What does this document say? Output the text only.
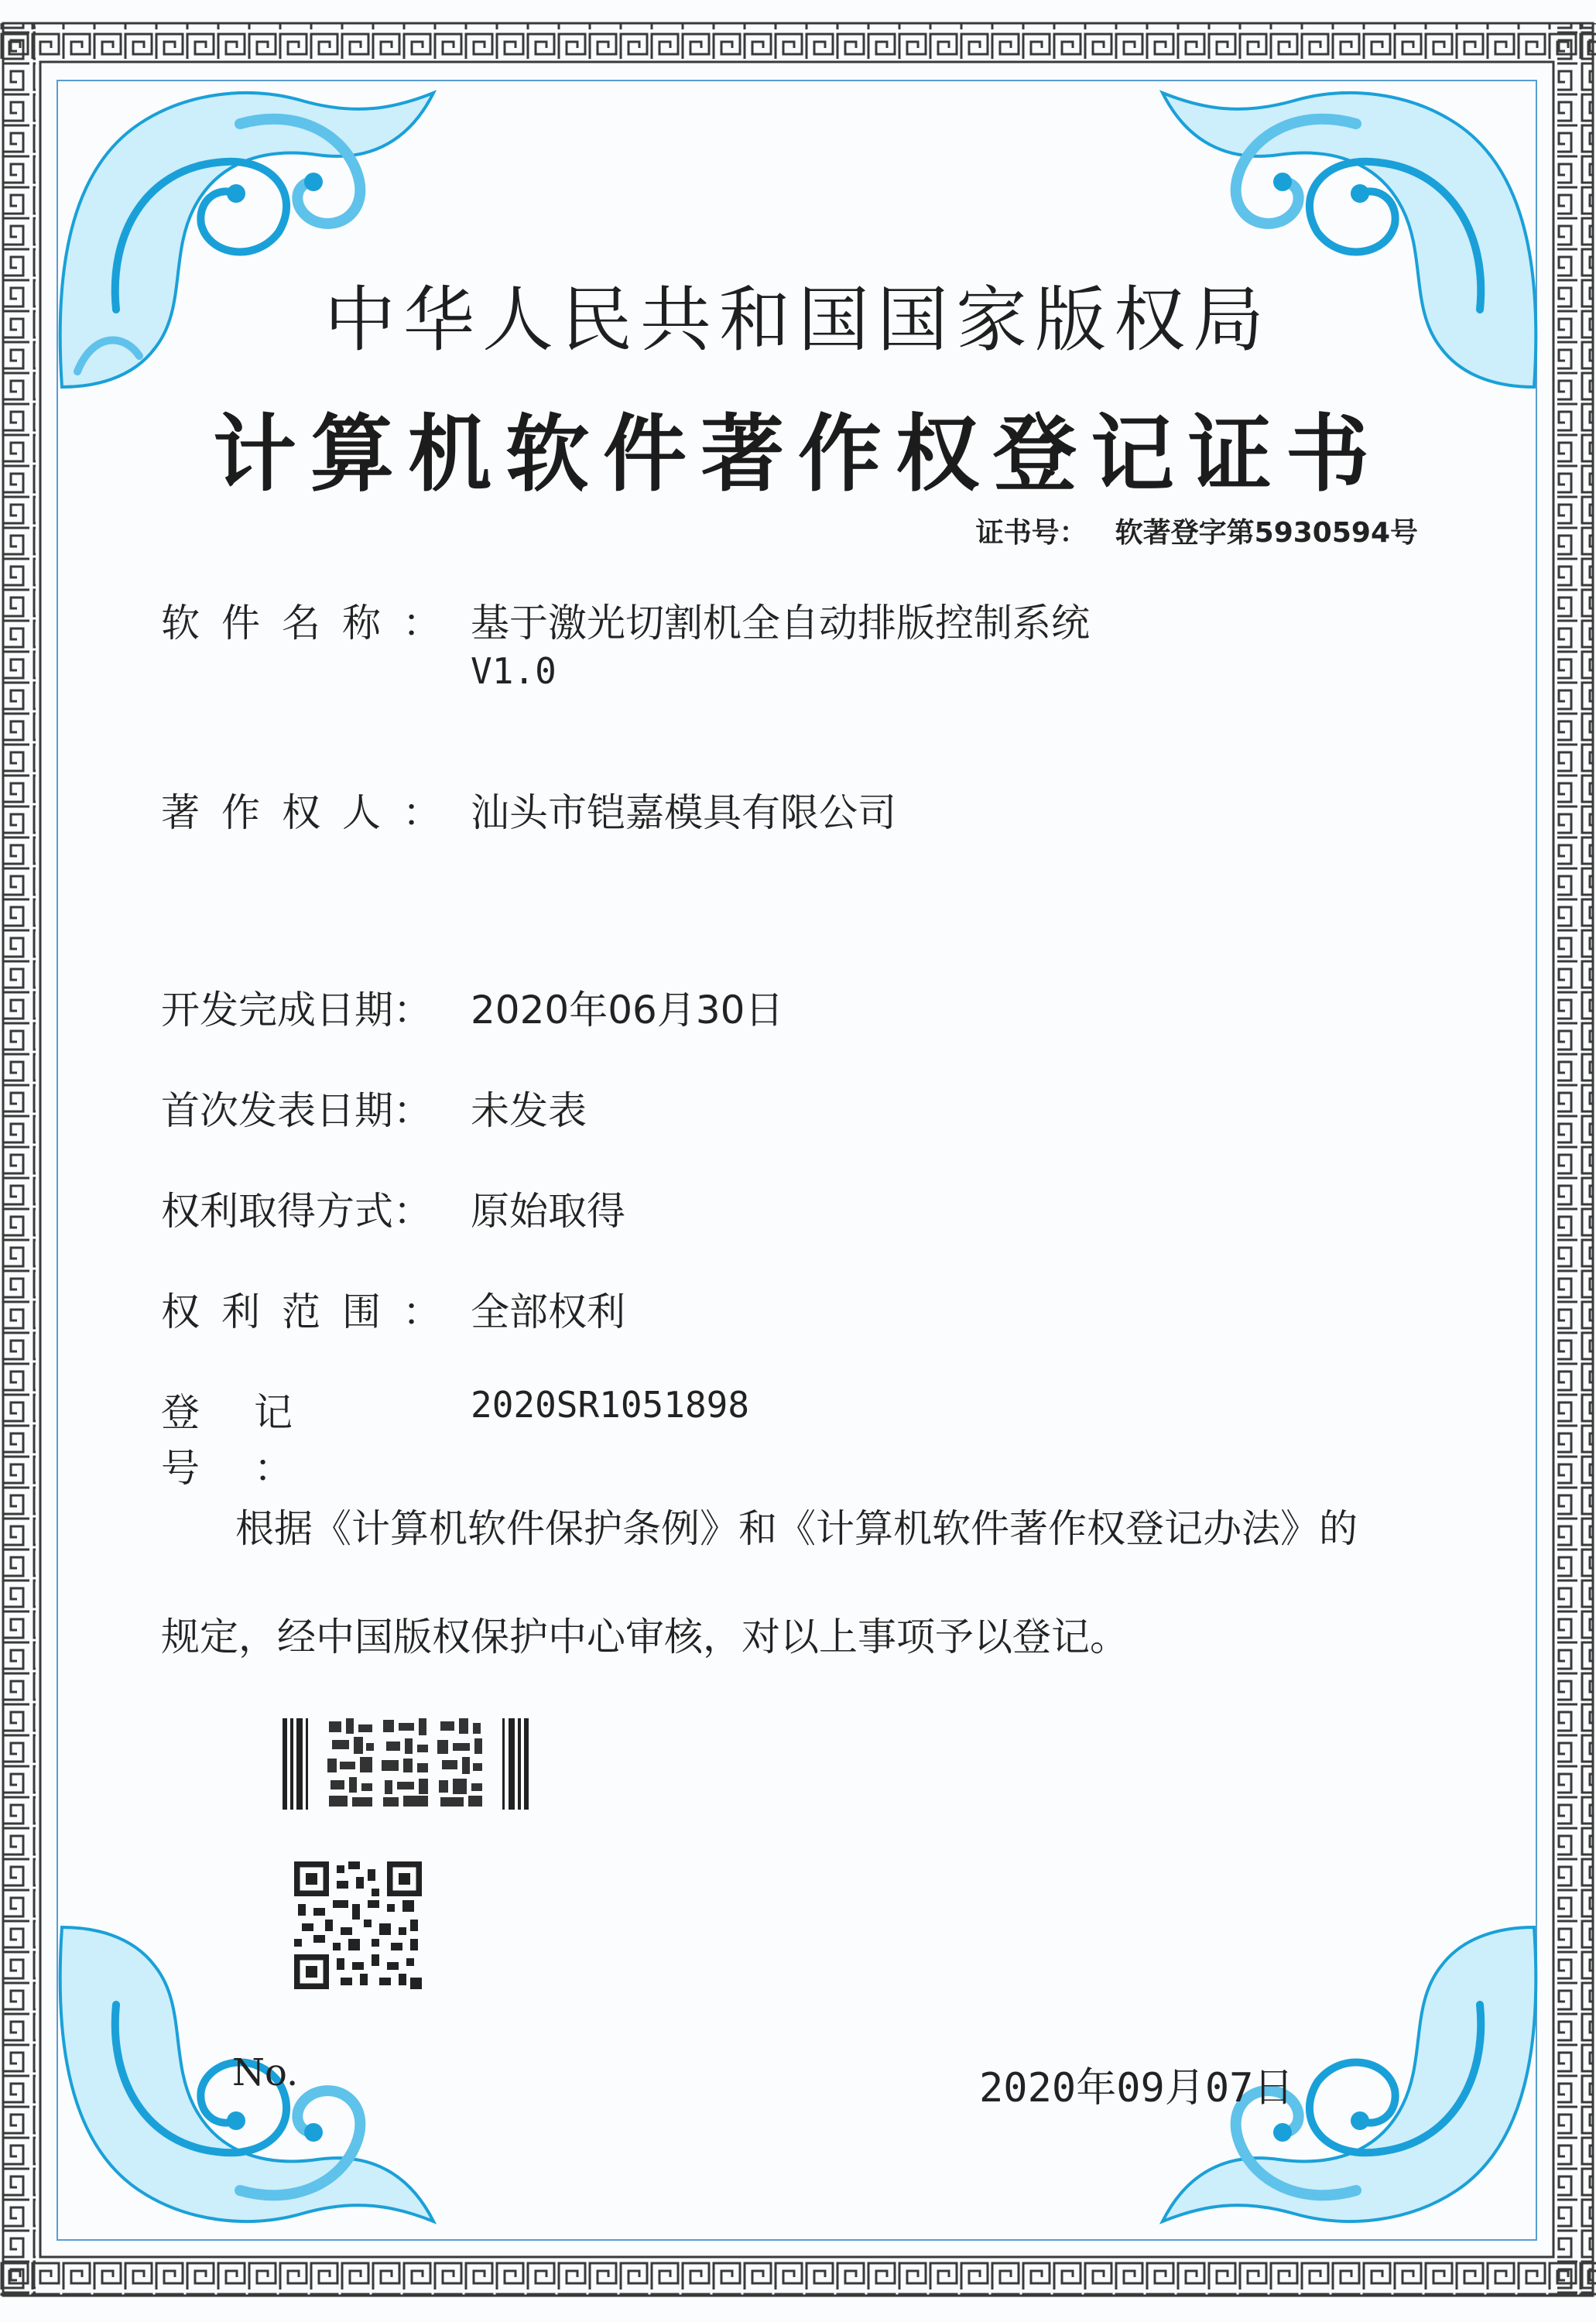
中华人民共和国国家版权局
计算机软件著作权登记证书
证书号： 软著登字第5930594号
软件名称： 基于激光切割机全自动排版控制系统
V1.0
著作权人： 汕头市铠嘉模具有限公司
开发完成日期： 2020年06月30日
首次发表日期： 未发表
权利取得方式： 原始取得
权利范围： 全部权利
登记号：2020SR1051898
根据《计算机软件保护条例》和《计算机软件著作权登记办法》的
规定，经中国版权保护中心审核，对以上事项予以登记。
No.	2020年09月07日
